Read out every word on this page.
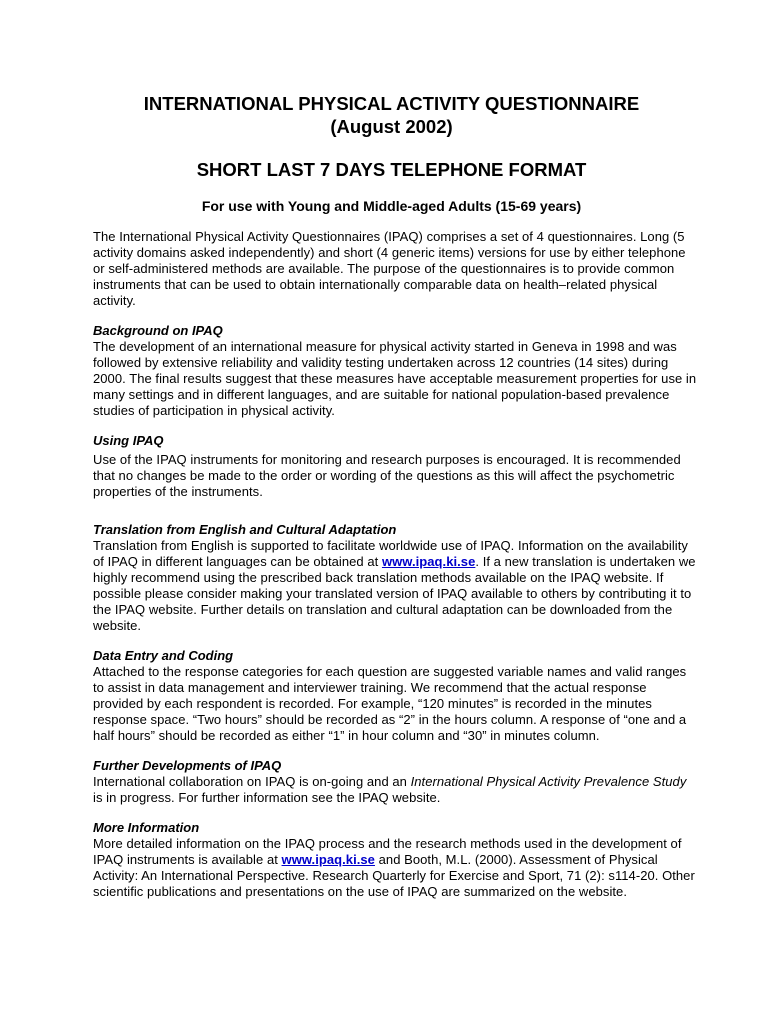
INTERNATIONAL PHYSICAL ACTIVITY QUESTIONNAIRE
(August 2002)
SHORT LAST 7 DAYS TELEPHONE FORMAT
For use with Young and Middle-aged Adults (15-69 years)

The International Physical Activity Questionnaires (IPAQ) comprises a set of 4 questionnaires. Long (5 activity domains asked independently) and short (4 generic items) versions for use by either telephone or self-administered methods are available. The purpose of the questionnaires is to provide common instruments that can be used to obtain internationally comparable data on health–related physical activity.

Background on IPAQ

The development of an international measure for physical activity started in Geneva in 1998 and was followed by extensive reliability and validity testing undertaken across 12 countries (14 sites) during 2000. The final results suggest that these measures have acceptable measurement properties for use in many settings and in different languages, and are suitable for national population-based prevalence studies of participation in physical activity.

Using IPAQ

Use of the IPAQ instruments for monitoring and research purposes is encouraged. It is recommended that no changes be made to the order or wording of the questions as this will affect the psychometric properties of the instruments.

Translation from English and Cultural Adaptation

Translation from English is supported to facilitate worldwide use of IPAQ. Information on the availability of IPAQ in different languages can be obtained at www.ipaq.ki.se. If a new translation is undertaken we highly recommend using the prescribed back translation methods available on the IPAQ website. If possible please consider making your translated version of IPAQ available to others by contributing it to the IPAQ website. Further details on translation and cultural adaptation can be downloaded from the website.

Data Entry and Coding

Attached to the response categories for each question are suggested variable names and valid ranges to assist in data management and interviewer training. We recommend that the actual response provided by each respondent is recorded. For example, “120 minutes” is recorded in the minutes response space. “Two hours” should be recorded as “2” in the hours column. A response of “one and a half hours” should be recorded as either “1” in hour column and “30” in minutes column.

Further Developments of IPAQ

International collaboration on IPAQ is on-going and an International Physical Activity Prevalence Study is in progress. For further information see the IPAQ website.

More Information

More detailed information on the IPAQ process and the research methods used in the development of IPAQ instruments is available at www.ipaq.ki.se and Booth, M.L. (2000). Assessment of Physical Activity: An International Perspective. Research Quarterly for Exercise and Sport, 71 (2): s114-20. Other scientific publications and presentations on the use of IPAQ are summarized on the website.
